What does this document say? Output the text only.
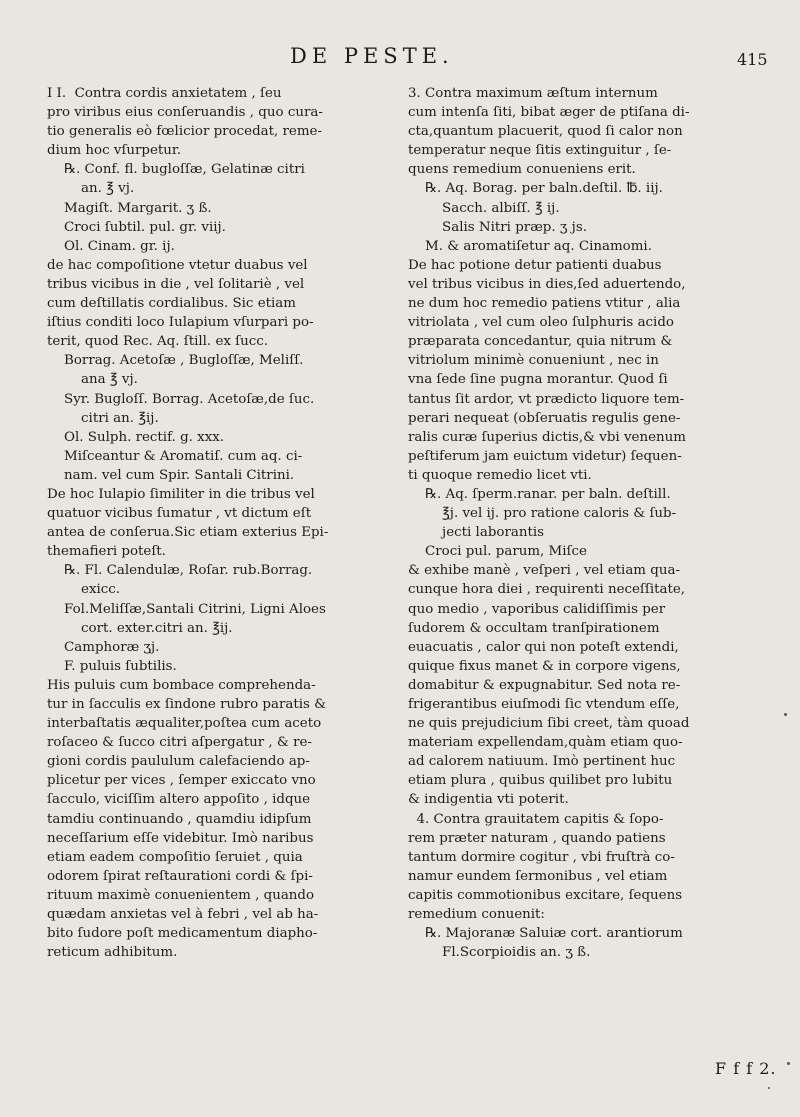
DE PESTE.	415

I I.  Contra cordis anxietatem , ſeu

pro viribus eius conſeruandis , quo cura-

tio generalis eò fœlicior procedat, reme-

dium hoc vſurpetur.

℞. Conf. fl. bugloſſæ, Gelatinæ citri

an. ℥ vj.

Magiſt. Margarit. ʒ ß.

Croci ſubtil. pul. gr. viij.

Ol. Cinam. gr. ij.

de hac compoſitione vtetur duabus vel

tribus vicibus in die , vel ſolitariè , vel

cum deſtillatis cordialibus. Sic etiam

iſtius conditi loco Iulapium vſurpari po-

terit, quod Rec. Aq. ſtill. ex ſucc.

Borrag. Acetoſæ , Bugloſſæ, Meliſſ.

ana ℥ vj.

Syr. Bugloſſ. Borrag. Acetoſæ,de ſuc.

citri an. ℥ij.

Ol. Sulph. rectif. g. xxx.

Miſceantur & Aromatiſ. cum aq. ci-

nam. vel cum Spir. Santali Citrini.

De hoc Iulapio ſimiliter in die tribus vel

quatuor vicibus ſumatur , vt dictum eſt

antea de conſerua.Sic etiam exterius Epi-

themafieri poteſt.

℞. Fl. Calendulæ, Roſar. rub.Borrag.

exicc.

Fol.Meliſſæ,Santali Citrini, Ligni Aloes

cort. exter.citri an. ℥ij.

Camphoræ ʒj.

F. puluis ſubtilis.

His puluis cum bombace comprehenda-

tur in ſacculis ex ſindone rubro paratis &

interbaſtatis æqualiter,poſtea cum aceto

roſaceo & ſucco citri aſpergatur , & re-

gioni cordis paululum calefaciendo ap-

plicetur per vices , ſemper exiccato vno

ſacculo, viciſſim altero appoſito , idque

tamdiu continuando , quamdiu idipſum

neceſſarium eſſe videbitur. Imò naribus

etiam eadem compoſitio ſeruiet , quia

odorem ſpirat reſtaurationi cordi & ſpi-

rituum maximè conuenientem , quando

quædam anxietas vel à febri , vel ab ha-

bito ſudore poſt medicamentum diapho-

reticum adhibitum.

3. Contra maximum æſtum internum

cum intenſa ſiti, bibat æger de ptiſana di-

cta,quantum placuerit, quod ſi calor non

temperatur neque ſitis extinguitur , ſe-

quens remedium conueniens erit.

℞. Aq. Borag. per baln.deſtil. ℔. iij.

Sacch. albiſſ. ℥ ij.

Salis Nitri præp. ʒ js.

M. & aromatiſetur aq. Cinamomi.

De hac potione detur patienti duabus

vel tribus vicibus in dies,ſed aduertendo,

ne dum hoc remedio patiens vtitur , alia

vitriolata , vel cum oleo ſulphuris acido

præparata concedantur, quia nitrum &

vitriolum minimè conueniunt , nec in

vna ſede ſine pugna morantur. Quod ſi

tantus ſit ardor, vt prædicto liquore tem-

perari nequeat (obſeruatis regulis gene-

ralis curæ ſuperius dictis,& vbi venenum

peſtiferum jam euictum videtur) ſequen-

ti quoque remedio licet vti.

℞. Aq. ſperm.ranar. per baln. deſtill.

℥j. vel ij. pro ratione caloris & ſub-

jecti laborantis

Croci pul. parum, Miſce

& exhibe manè , veſperi , vel etiam qua-

cunque hora diei , requirenti neceſſitate,

quo medio , vaporibus calidiſſimis per

ſudorem & occultam tranſpirationem

euacuatis , calor qui non poteſt extendi,

quique fixus manet & in corpore vigens,

domabitur & expugnabitur. Sed nota re-

frigerantibus eiuſmodi ſic vtendum eſſe,

ne quis prejudicium ſibi creet, tàm quoad

materiam expellendam,quàm etiam quo-

ad calorem natiuum. Imò pertinent huc

etiam plura , quibus quilibet pro lubitu

& indigentia vti poterit.

4. Contra grauitatem capitis & ſopo-

rem præter naturam , quando patiens

tantum dormire cogitur , vbi fruſtrà co-

namur eundem ſermonibus , vel etiam

capitis commotionibus excitare, ſequens

remedium conuenit:

℞. Majoranæ Saluiæ cort. arantiorum

Fl.Scorpioidis an. ʒ ß.

F f f 2.
